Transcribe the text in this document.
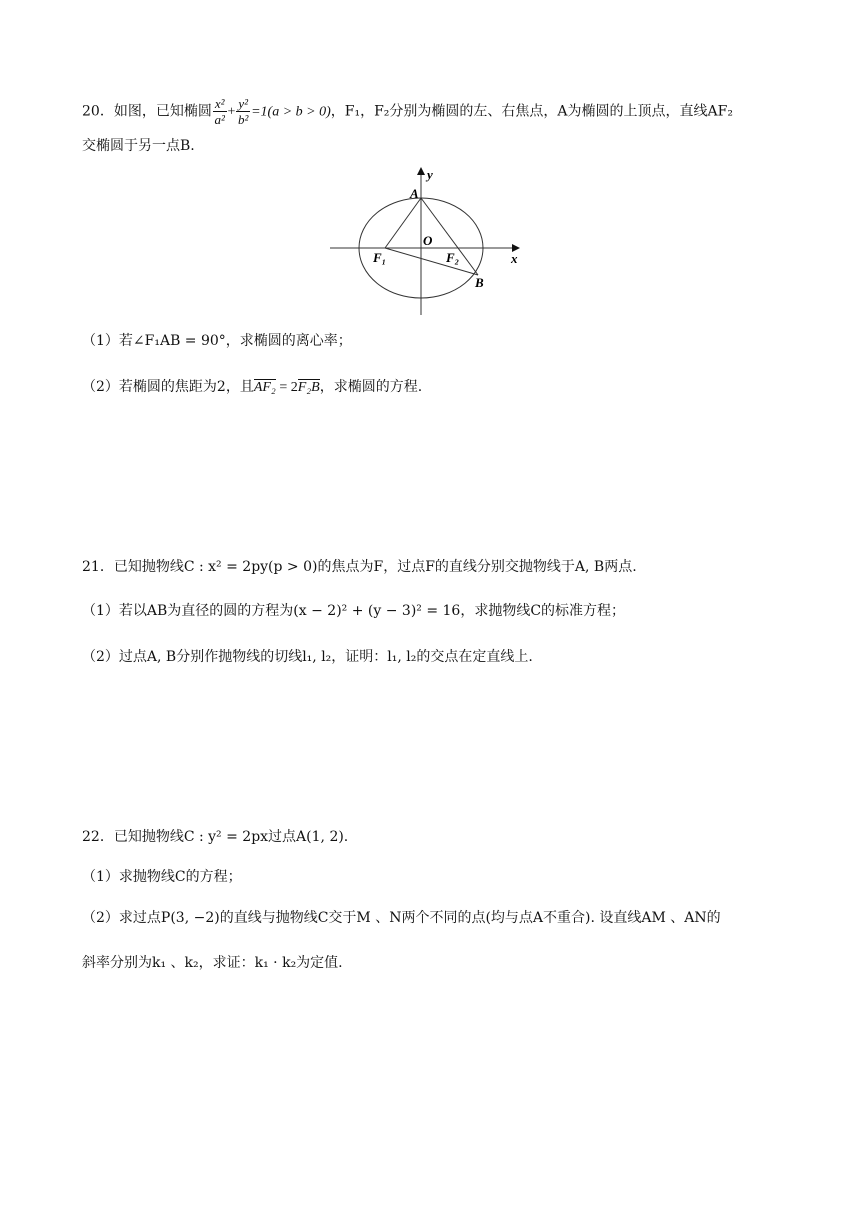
20．如图，已知椭圆 $\frac{\text{x²}}{\text{a²}} + \frac{\text{y²}}{\text{b²}} =1(a > b > 0)$，F₁，F₂分别为椭圆的左、右焦点，A为椭圆的上顶点，直线AF₂
交椭圆于另一点B.
A
y
O
x
F₁	F₂
B
（1）若∠F₁AB = 90°，求椭圆的离心率；
（2）若椭圆的焦距为2，且AF₂ = 2F₂B，求椭圆的方程.
21．已知抛物线C : x² = 2py(p > 0)的焦点为F，过点F的直线分别交抛物线于A, B两点.
（1）若以AB为直径的圆的方程为(x − 2)² + (y − 3)² = 16，求抛物线C的标准方程；
（2）过点A, B分别作抛物线的切线l₁, l₂，证明：l₁, l₂的交点在定直线上.
22．已知抛物线C : y² = 2px过点A(1, 2).
（1）求抛物线C的方程；
（2）求过点P(3, −2)的直线与抛物线C交于M 、N两个不同的点(均与点A不重合). 设直线AM 、AN的
斜率分别为k₁ 、k₂，求证：k₁ · k₂为定值.
